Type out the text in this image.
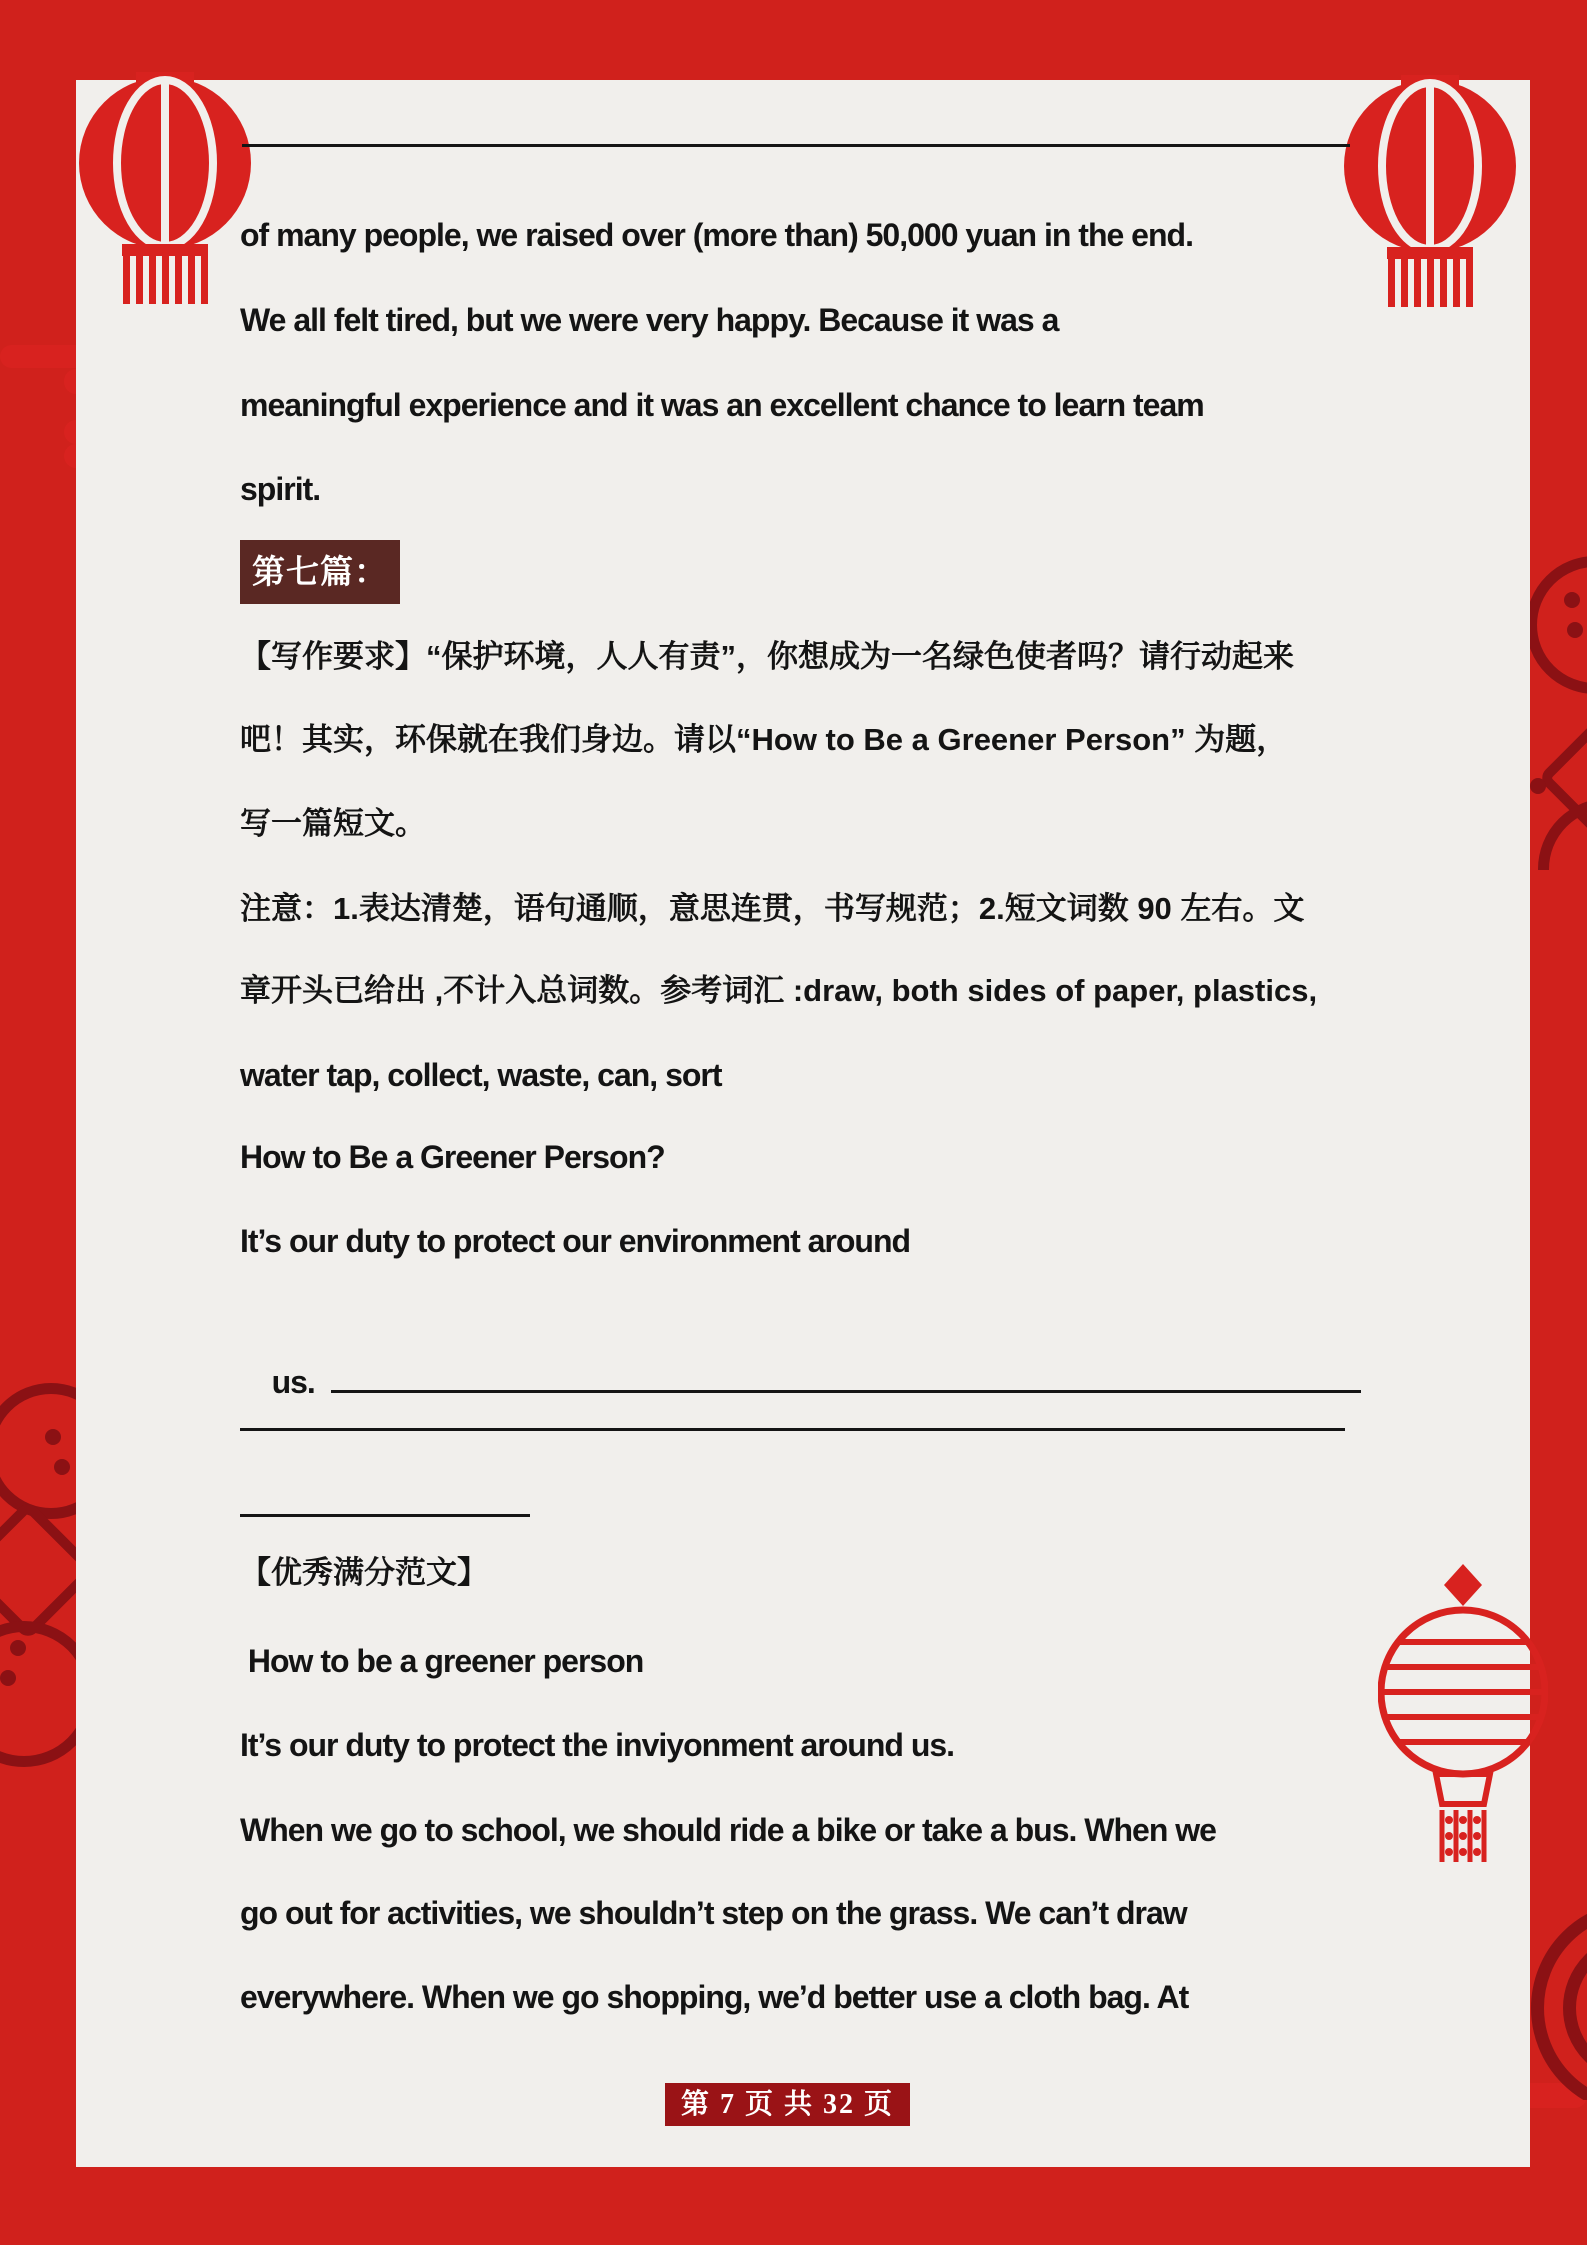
of many people, we raised over (more than) 50,000 yuan in the end.
We all felt tired, but we were very happy. Because it was a
meaningful experience and it was an excellent chance to learn team
spirit.
第七篇：
【写作要求】“保护环境，人人有责”，你想成为一名绿色使者吗？请行动起来
吧！其实，环保就在我们身边。请以“How to Be a Greener Person” 为题，
写一篇短文。
注意：1.表达清楚，语句通顺，意思连贯，书写规范；2.短文词数 90 左右。文
章开头已给出 ,不计入总词数。参考词汇 :draw, both sides of paper, plastics,
water tap, collect, waste, can, sort
How to Be a Greener Person?
It’s our duty to protect our environment around

us.

【优秀满分范文】
How to be a greener person
It’s our duty to protect the inviyonment around us.
When we go to school, we should ride a bike or take a bus. When we
go out for activities, we shouldn’t step on the grass. We can’t draw
everywhere. When we go shopping, we’d better use a cloth bag. At
第 7 页 共 32 页
